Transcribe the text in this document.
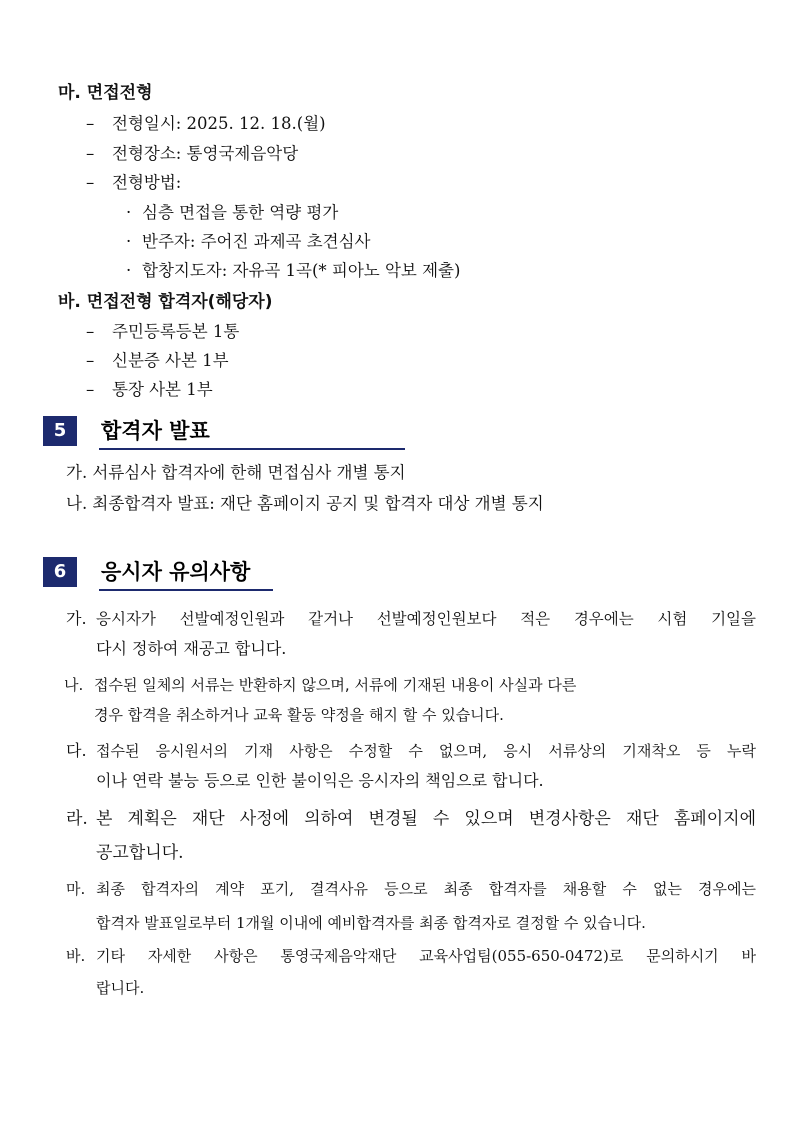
마. 면접전형
– 전형일시: 2025. 12. 18.(월)
– 전형장소: 통영국제음악당
– 전형방법:
· 심층 면접을 통한 역량 평가
· 반주자: 주어진 과제곡 초견심사
· 합창지도자: 자유곡 1곡(* 피아노 악보 제출)
바. 면접전형 합격자(해당자)
– 주민등록등본 1통
– 신분증 사본 1부
– 통장 사본 1부
5	합격자 발표
가. 서류심사 합격자에 한해 면접심사 개별 통지
나. 최종합격자 발표: 재단 홈페이지 공지 및 합격자 대상 개별 통지
6	응시자 유의사항
가. 응시자가 선발예정인원과 같거나 선발예정인원보다 적은 경우에는 시험 기일을
다시 정하여 재공고 합니다.
나. 접수된 일체의 서류는 반환하지 않으며, 서류에 기재된 내용이 사실과 다른
경우 합격을 취소하거나 교육 활동 약정을 해지 할 수 있습니다.
다. 접수된 응시원서의 기재 사항은 수정할 수 없으며, 응시 서류상의 기재착오 등 누락
이나 연락 불능 등으로 인한 불이익은 응시자의 책임으로 합니다.
라. 본 계획은 재단 사정에 의하여 변경될 수 있으며 변경사항은 재단 홈페이지에
공고합니다.
마. 최종 합격자의 계약 포기, 결격사유 등으로 최종 합격자를 채용할 수 없는 경우에는
합격자 발표일로부터 1개월 이내에 예비합격자를 최종 합격자로 결정할 수 있습니다.
바. 기타 자세한 사항은 통영국제음악재단 교육사업팀(055-650-0472)로 문의하시기 바
랍니다.
